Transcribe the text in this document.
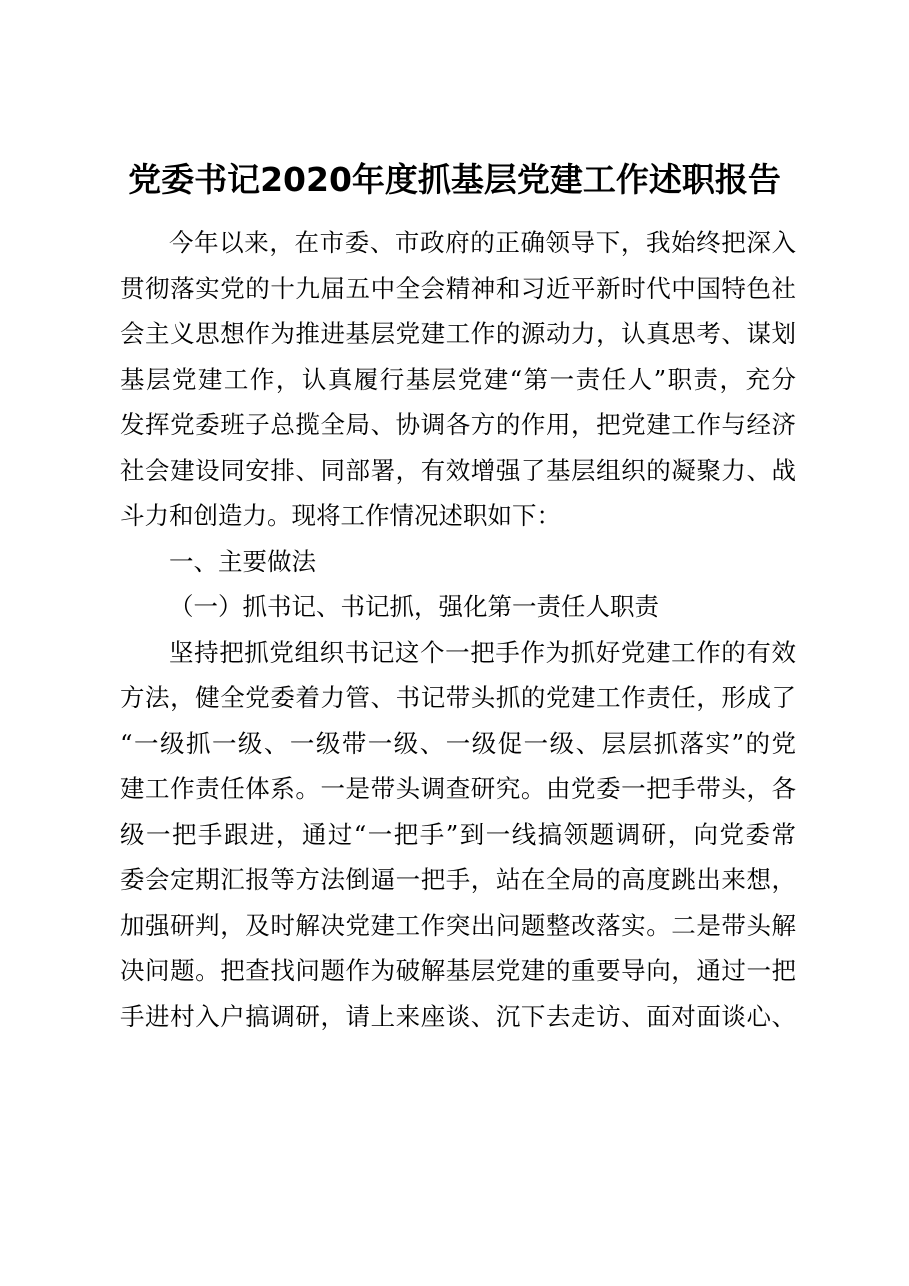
党委书记2020年度抓基层党建工作述职报告
今年以来，在市委、市政府的正确领导下，我始终把深入
贯彻落实党的十九届五中全会精神和习近平新时代中国特色社
会主义思想作为推进基层党建工作的源动力，认真思考、谋划
基层党建工作，认真履行基层党建“第一责任人”职责，充分
发挥党委班子总揽全局、协调各方的作用，把党建工作与经济
社会建设同安排、同部署，有效增强了基层组织的凝聚力、战
斗力和创造力。现将工作情况述职如下：
一、主要做法
（一）抓书记、书记抓，强化第一责任人职责
坚持把抓党组织书记这个一把手作为抓好党建工作的有效
方法，健全党委着力管、书记带头抓的党建工作责任，形成了
“一级抓一级、一级带一级、一级促一级、层层抓落实”的党
建工作责任体系。一是带头调查研究。由党委一把手带头，各
级一把手跟进，通过“一把手”到一线搞领题调研，向党委常
委会定期汇报等方法倒逼一把手，站在全局的高度跳出来想，
加强研判，及时解决党建工作突出问题整改落实。二是带头解
决问题。把查找问题作为破解基层党建的重要导向，通过一把
手进村入户搞调研，请上来座谈、沉下去走访、面对面谈心、
